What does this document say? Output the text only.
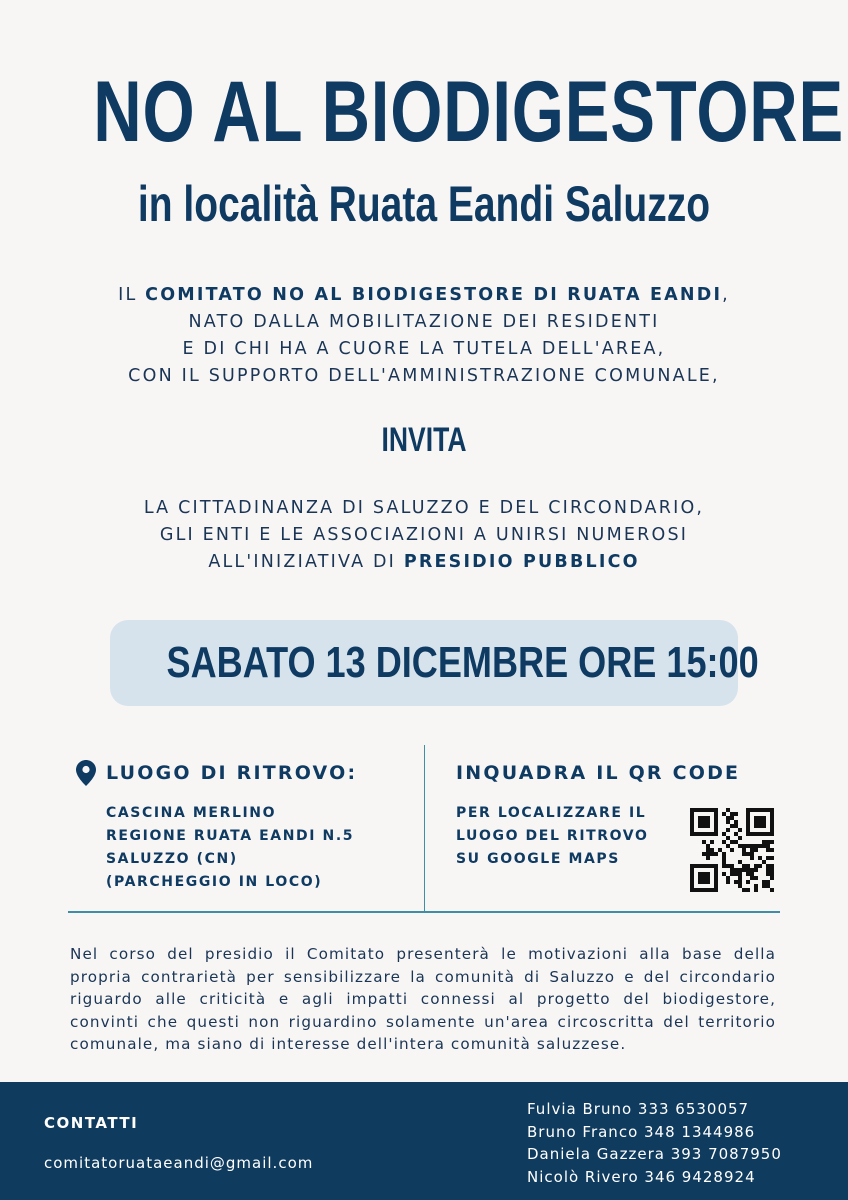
NO AL BIODIGESTORE
in località Ruata Eandi Saluzzo
IL COMITATO NO AL BIODIGESTORE DI RUATA EANDI,
NATO DALLA MOBILITAZIONE DEI RESIDENTI
E DI CHI HA A CUORE LA TUTELA DELL'AREA,
CON IL SUPPORTO DELL'AMMINISTRAZIONE COMUNALE,
INVITA
LA CITTADINANZA DI SALUZZO E DEL CIRCONDARIO,
GLI ENTI E LE ASSOCIAZIONI A UNIRSI NUMEROSI
ALL'INIZIATIVA DI PRESIDIO PUBBLICO
SABATO 13 DICEMBRE ORE 15:00
LUOGO DI RITROVO:
CASCINA MERLINO
REGIONE RUATA EANDI N.5
SALUZZO (CN)
(PARCHEGGIO IN LOCO)
INQUADRA IL QR CODE
PER LOCALIZZARE IL
LUOGO DEL RITROVO
SU GOOGLE MAPS
Nel corso del presidio il Comitato presenterà le motivazioni alla base della propria contrarietà per sensibilizzare la comunità di Saluzzo e del circondario riguardo alle criticità e agli impatti connessi al progetto del biodigestore, convinti che questi non riguardino solamente un'area circoscritta del territorio comunale, ma siano di interesse dell'intera comunità saluzzese.
CONTATTI
comitatoruataeandi@gmail.com
Fulvia Bruno 333 6530057
Bruno Franco 348 1344986
Daniela Gazzera 393 7087950
Nicolò Rivero 346 9428924
